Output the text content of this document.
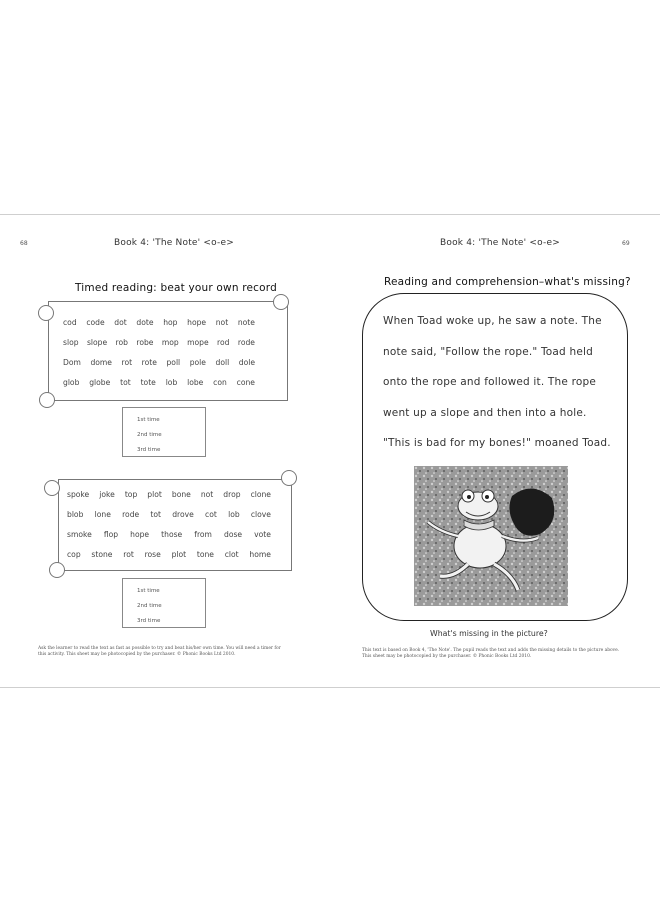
68	Book 4: 'The Note' <o-e>
Timed reading: beat your own record
cod code dot dote hop hope not note
slop slope rob robe mop mope rod rode
Dom dome rot rote poll pole doll dole
glob globe tot tote lob lobe con cone
1st time
2nd time
3rd time
spoke joke top plot bone not drop clone
blob lone rode tot drove cot lob clove
smoke flop hope those from dose vote
cop stone rot rose plot tone clot home
1st time
2nd time
3rd time
Ask the learner to read the text as fast as possible to try and beat his/her own time. You will need a timer for this activity. This sheet may be photocopied by the purchaser. © Phonic Books Ltd 2010.
Book 4: 'The Note' <o-e>	69
Reading and comprehension–what's missing?
When Toad woke up, he saw a note. The
note said, "Follow the rope." Toad held
onto the rope and followed it. The rope
went up a slope and then into a hole.
"This is bad for my bones!" moaned Toad.
What's missing in the picture?
This text is based on Book 4, 'The Note'. The pupil reads the text and adds the missing details to the picture above. This sheet may be photocopied by the purchaser. © Phonic Books Ltd 2010.
